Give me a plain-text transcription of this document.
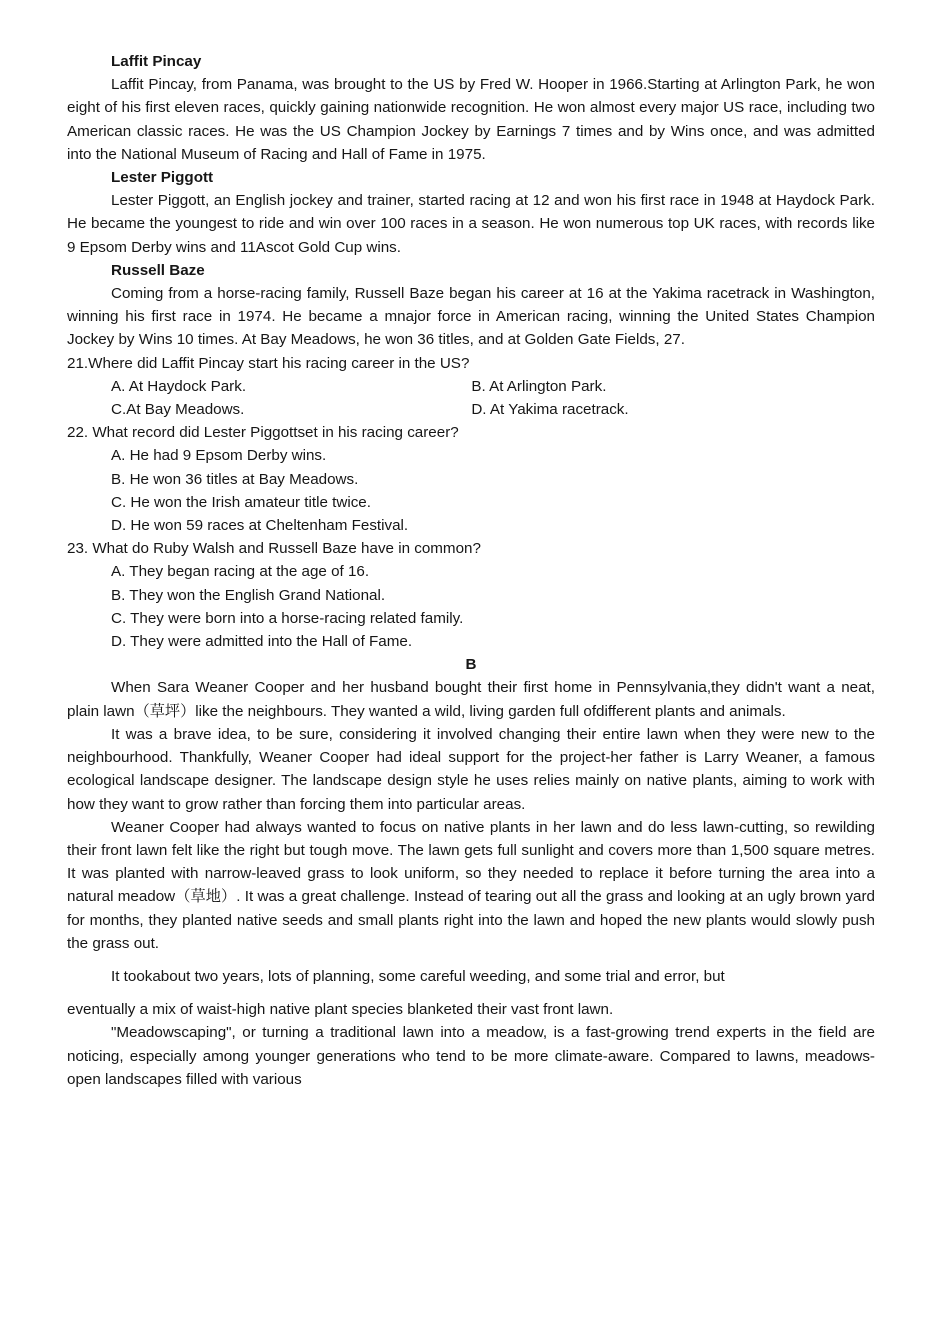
Laffit Pincay

Laffit Pincay, from Panama, was brought to the US by Fred W. Hooper in 1966.Starting at Arlington Park, he won eight of his first eleven races, quickly gaining nationwide recognition. He won almost every major US race, including two American classic races. He was the US Champion Jockey by Earnings 7 times and by Wins once, and was admitted into the National Museum of Racing and Hall of Fame in 1975.

Lester Piggott

Lester Piggott, an English jockey and trainer, started racing at 12 and won his first race in 1948 at Haydock Park. He became the youngest to ride and win over 100 races in a season. He won numerous top UK races, with records like 9 Epsom Derby wins and 11Ascot Gold Cup wins.

Russell Baze

Coming from a horse-racing family, Russell Baze began his career at 16 at the Yakima racetrack in Washington, winning his first race in 1974. He became a mnajor force in American racing, winning the United States Champion Jockey by Wins 10 times. At Bay Meadows, he won 36 titles, and at Golden Gate Fields, 27.

21.Where did Laffit Pincay start his racing career in the US?
A. At Haydock Park.	B. At Arlington Park.
C.At Bay Meadows.	D. At Yakima racetrack.
22. What record did Lester Piggottset in his racing career?
A. He had 9 Epsom Derby wins.
B. He won 36 titles at Bay Meadows.
C. He won the Irish amateur title twice.
D. He won 59 races at Cheltenham Festival.
23. What do Ruby Walsh and Russell Baze have in common?
A. They began racing at the age of 16.
B. They won the English Grand National.
C. They were born into a horse-racing related family.
D. They were admitted into the Hall of Fame.
B

When Sara Weaner Cooper and her husband bought their first home in Pennsylvania,they didn't want a neat, plain lawn（草坪）like the neighbours. They wanted a wild, living garden full ofdifferent plants and animals.

It was a brave idea, to be sure, considering it involved changing their entire lawn when they were new to the neighbourhood. Thankfully, Weaner Cooper had ideal support for the project-her father is Larry Weaner, a famous ecological landscape designer. The landscape design style he uses relies mainly on native plants, aiming to work with how they want to grow rather than forcing them into particular areas.

Weaner Cooper had always wanted to focus on native plants in her lawn and do less lawn-cutting, so rewilding their front lawn felt like the right but tough move. The lawn gets full sunlight and covers more than 1,500 square metres. It was planted with narrow-leaved grass to look uniform, so they needed to replace it before turning the area into a natural meadow（草地）. It was a great challenge. Instead of tearing out all the grass and looking at an ugly brown yard for months, they planted native seeds and small plants right into the lawn and hoped the new plants would slowly push the grass out.

It tookabout two years, lots of planning, some careful weeding, and some trial and error, but

eventually a mix of waist-high native plant species blanketed their vast front lawn.

"Meadowscaping", or turning a traditional lawn into a meadow, is a fast-growing trend experts in the field are noticing, especially among younger generations who tend to be more climate-aware. Compared to lawns, meadows-open landscapes filled with various
